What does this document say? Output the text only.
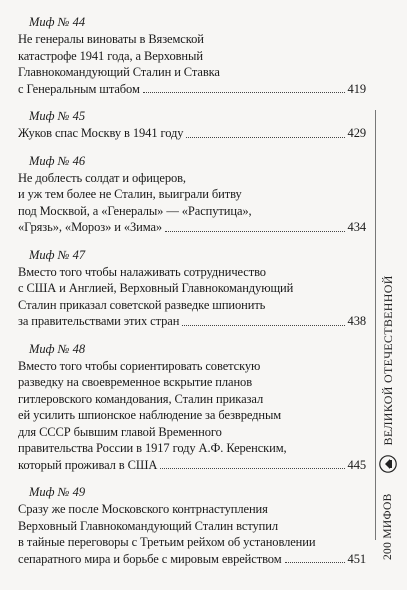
Миф № 44
Не генералы виноваты в Вяземской
катастрофе 1941 года, а Верховный
Главнокомандующий Сталин и Ставка
с Генеральным штабом	419
Миф № 45
Жуков спас Москву в 1941 году	429
Миф № 46
Не доблесть солдат и офицеров,
и уж тем более не Сталин, выиграли битву
под Москвой, а «Генералы» — «Распутица»,
«Грязь», «Мороз» и «Зима»	434
Миф № 47
Вместо того чтобы налаживать сотрудничество
с США и Англией, Верховный Главнокомандующий
Сталин приказал советской разведке шпионить
за правительствами этих стран	438
Миф № 48
Вместо того чтобы сориентировать советскую
разведку на своевременное вскрытие планов
гитлеровского командования, Сталин приказал
ей усилить шпионское наблюдение за безвредным
для СССР бывшим главой Временного
правительства России в 1917 году А.Ф. Керенским,
который проживал в США	445
Миф № 49
Сразу же после Московского контрнаступления
Верховный Главнокомандующий Сталин вступил
в тайные переговоры с Третьим рейхом об установлении
сепаратного мира и борьбе с мировым еврейством	451 200 МИФОВ
ВЕЛИКОЙ ОТЕЧЕСТВЕННОЙ
